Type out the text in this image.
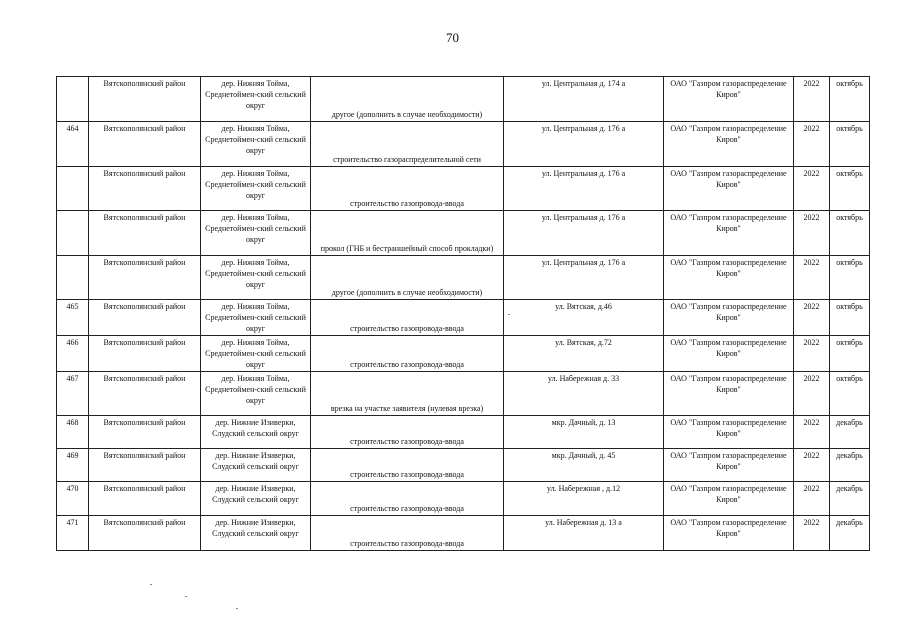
70
	Вятскополянский район	дер. Нижняя Тойма, Среднетоймен-ский сельский округ	другое (дополнить в случае необходимости)	ул. Центральная д. 174 а	ОАО "Газпром газораспределение Киров"	2022	октябрь
464	Вятскополянский район	дер. Нижняя Тойма, Среднетоймен-ский сельский округ	строительство газораспределительной сети	ул. Центральная д. 176 а	ОАО "Газпром газораспределение Киров"	2022	октябрь
	Вятскополянский район	дер. Нижняя Тойма, Среднетоймен-ский сельский округ	строительство газопровода-ввода	ул. Центральная д. 176 а	ОАО "Газпром газораспределение Киров"	2022	октябрь
	Вятскополянский район	дер. Нижняя Тойма, Среднетоймен-ский сельский округ	прокол (ГНБ и бестраншейный способ прокладки)	ул. Центральная д. 176 а	ОАО "Газпром газораспределение Киров"	2022	октябрь
	Вятскополянский район	дер. Нижняя Тойма, Среднетоймен-ский сельский округ	другое (дополнить в случае необходимости)	ул. Центральная д. 176 а	ОАО "Газпром газораспределение Киров"	2022	октябрь
465	Вятскополянский район	дер. Нижняя Тойма, Среднетоймен-ский сельский округ	строительство газопровода-ввода	ул. Вятская, д.46	ОАО "Газпром газораспределение Киров"	2022	октябрь
466	Вятскополянский район	дер. Нижняя Тойма, Среднетоймен-ский сельский округ	строительство газопровода-ввода	ул. Вятская, д.72	ОАО "Газпром газораспределение Киров"	2022	октябрь
467	Вятскополянский район	дер. Нижняя Тойма, Среднетоймен-ский сельский округ	врезка на участке заявителя (нулевая врезка)	ул. Набережная д. 33	ОАО "Газпром газораспределение Киров"	2022	октябрь
468	Вятскополянский район	дер. Нижние Изиверки, Слудский сельский округ	строительство газопровода-ввода	мкр. Дачный, д. 13	ОАО "Газпром газораспределение Киров"	2022	декабрь
469	Вятскополянский район	дер. Нижние Изиверки, Слудский сельский округ	строительство газопровода-ввода	мкр. Дачный, д. 45	ОАО "Газпром газораспределение Киров"	2022	декабрь
470	Вятскополянский район	дер. Нижние Изиверки, Слудский сельский округ	строительство газопровода-ввода	ул. Набережная , д.12	ОАО "Газпром газораспределение Киров"	2022	декабрь
471	Вятскополянский район	дер. Нижние Изиверки, Слудский сельский округ	строительство газопровода-ввода	ул. Набережная д. 13 а	ОАО "Газпром газораспределение Киров"	2022	декабрь
